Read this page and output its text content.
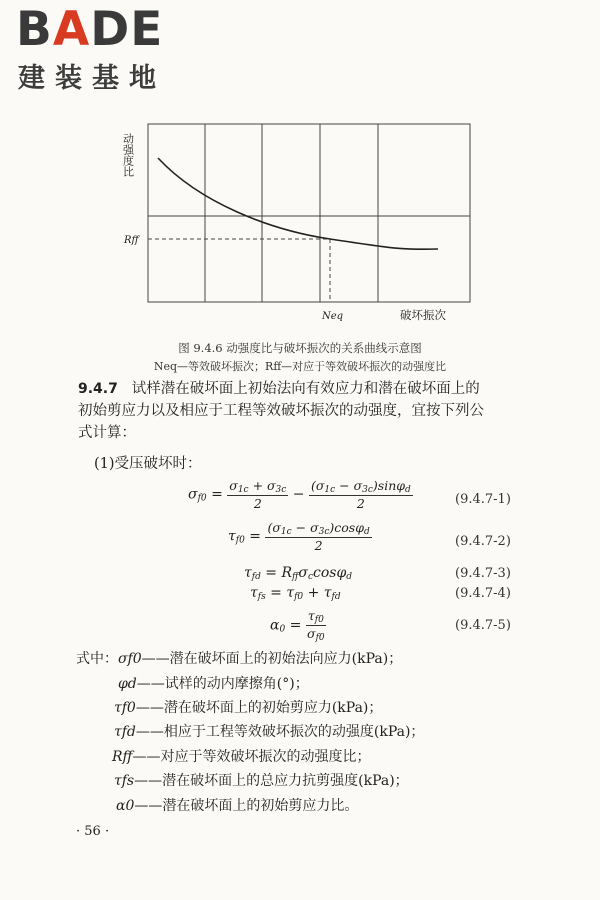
BADE
建装基地
动强度比
Rff
Neq	破坏振次
图 9.4.6 动强度比与破坏振次的关系曲线示意图
Neq—等效破坏振次；Rff—对应于等效破坏振次的动强度比
9.4.7 试样潜在破坏面上初始法向有效应力和潜在破坏面上的
初始剪应力以及相应于工程等效破坏振次的动强度，宜按下列公
式计算：
(1)受压破坏时：
$\sigma f0 = \frac{\sigma 1c + \sigma 3c}{2} - \frac{(\sigma 1c - \sigma 3c)\sin\varphi d}{2}$	(9.4.7-1)
$\tau f0 = \frac{(\sigma 1c - \sigma 3c)\cos\varphi d}{2}$	(9.4.7-2)
τfd = Rffσccosφd	(9.4.7-3)
τfs = τf0 + τfd	(9.4.7-4)
$\alpha 0 = \frac{\tau f0}{\sigma f0}$	(9.4.7-5)
式中：σf0——潜在破坏面上的初始法向应力(kPa)；
φd——试样的动内摩擦角(°)；
τf0——潜在破坏面上的初始剪应力(kPa)；
τfd——相应于工程等效破坏振次的动强度(kPa)；
Rff——对应于等效破坏振次的动强度比；
τfs——潜在破坏面上的总应力抗剪强度(kPa)；
α0——潜在破坏面上的初始剪应力比。
· 56 ·
